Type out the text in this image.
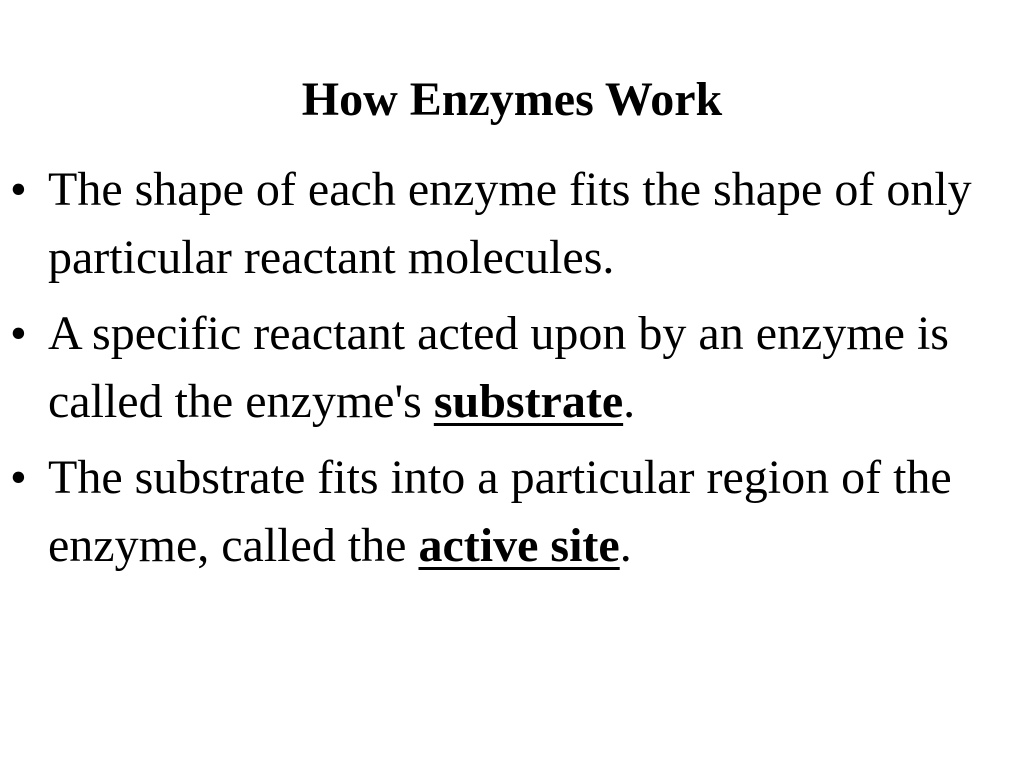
How Enzymes Work
• The shape of each enzyme fits the shape of only particular reactant molecules.
• A specific reactant acted upon by an enzyme is called the enzyme's substrate.
• The substrate fits into a particular region of the enzyme, called the active site.
